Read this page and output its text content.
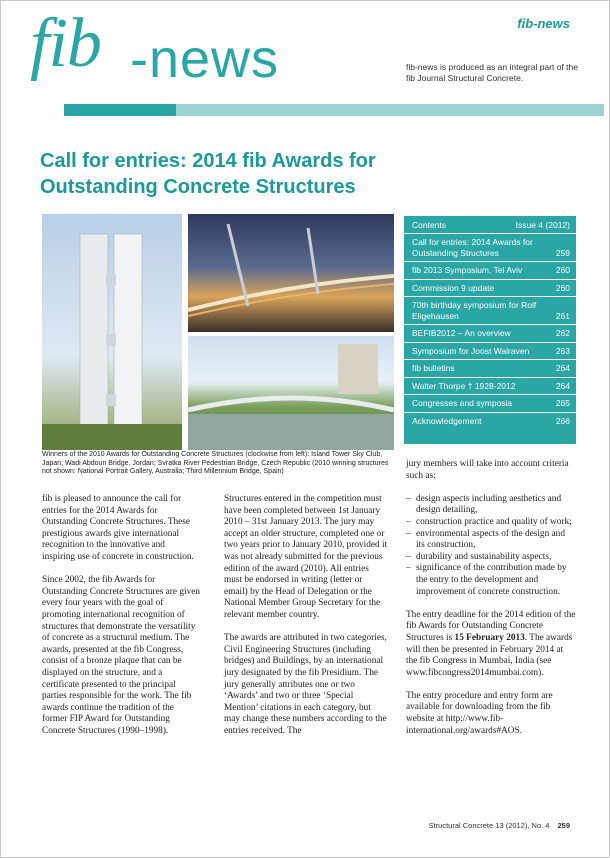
fib -news
CEB-FIP
fib-news
fib-news is produced as an integral part of the fib Journal Structural Concrete.
Call for entries: 2014 fib Awards for Outstanding Concrete Structures
Winners of the 2010 Awards for Outstanding Concrete Structures (clockwise from left): Island Tower Sky Club, Japan; Wadi Abdoun Bridge, Jordan; Svratka River Pedestrian Bridge, Czech Republic (2010 winning structures not shown: National Portrait Gallery, Australia; Third Millennium Bridge, Spain)
Contents	Issue 4 (2012)
Call for entries: 2014 Awards for Outstanding Structures	259
fib 2013 Symposium, Tel Aviv	260
Commission 9 update	260
70th birthday symposium for Rolf Eligehausen	261
BEFIB2012 – An overview	262
Symposium for Joost Walraven	263
fib bulletins	264
Walter Thorpe † 1928-2012	264
Congresses and symposia	265
Acknowledgement	266

fib is pleased to announce the call for entries for the 2014 Awards for Outstanding Concrete Structures. These prestigious awards give international recognition to the innovative and inspiring use of concrete in construction.

Since 2002, the fib Awards for Outstanding Concrete Structures are given every four years with the goal of promoting international recognition of structures that demonstrate the versatility of concrete as a structural medium. The awards, presented at the fib Congress, consist of a bronze plaque that can be displayed on the structure, and a certificate presented to the principal parties responsible for the work. The fib awards continue the tradition of the former FIP Award for Outstanding Concrete Structures (1990–1998).

Structures entered in the competition must have been completed between 1st January 2010 – 31st January 2013. The jury may accept an older structure, completed one or two years prior to January 2010, provided it was not already submitted for the previous edition of the award (2010). All entries must be endorsed in writing (letter or email) by the Head of Delegation or the National Member Group Secretary for the relevant member country.

The awards are attributed in two categories, Civil Engineering Structures (including bridges) and Buildings, by an international jury designated by the fib Presidium. The jury generally attributes one or two ‘Awards’ and two or three ‘Special Mention’ citations in each category, but may change these numbers according to the entries received. The

jury members will take into account criteria such as:

– design aspects including aesthetics and design detailing,
– construction practice and quality of work;
– environmental aspects of the design and its construction,
– durability and sustainability aspects,
– significance of the contribution made by the entry to the development and improvement of concrete construction.

The entry deadline for the 2014 edition of the fib Awards for Outstanding Concrete Structures is 15 February 2013. The awards will then be presented in February 2014 at the fib Congress in Mumbai, India (see www.fibcongress2014mumbai.com).

The entry procedure and entry form are available for downloading from the fib website at http://www.fib-international.org/awards#AOS.

Structural Concrete 13 (2012), No. 4 259
